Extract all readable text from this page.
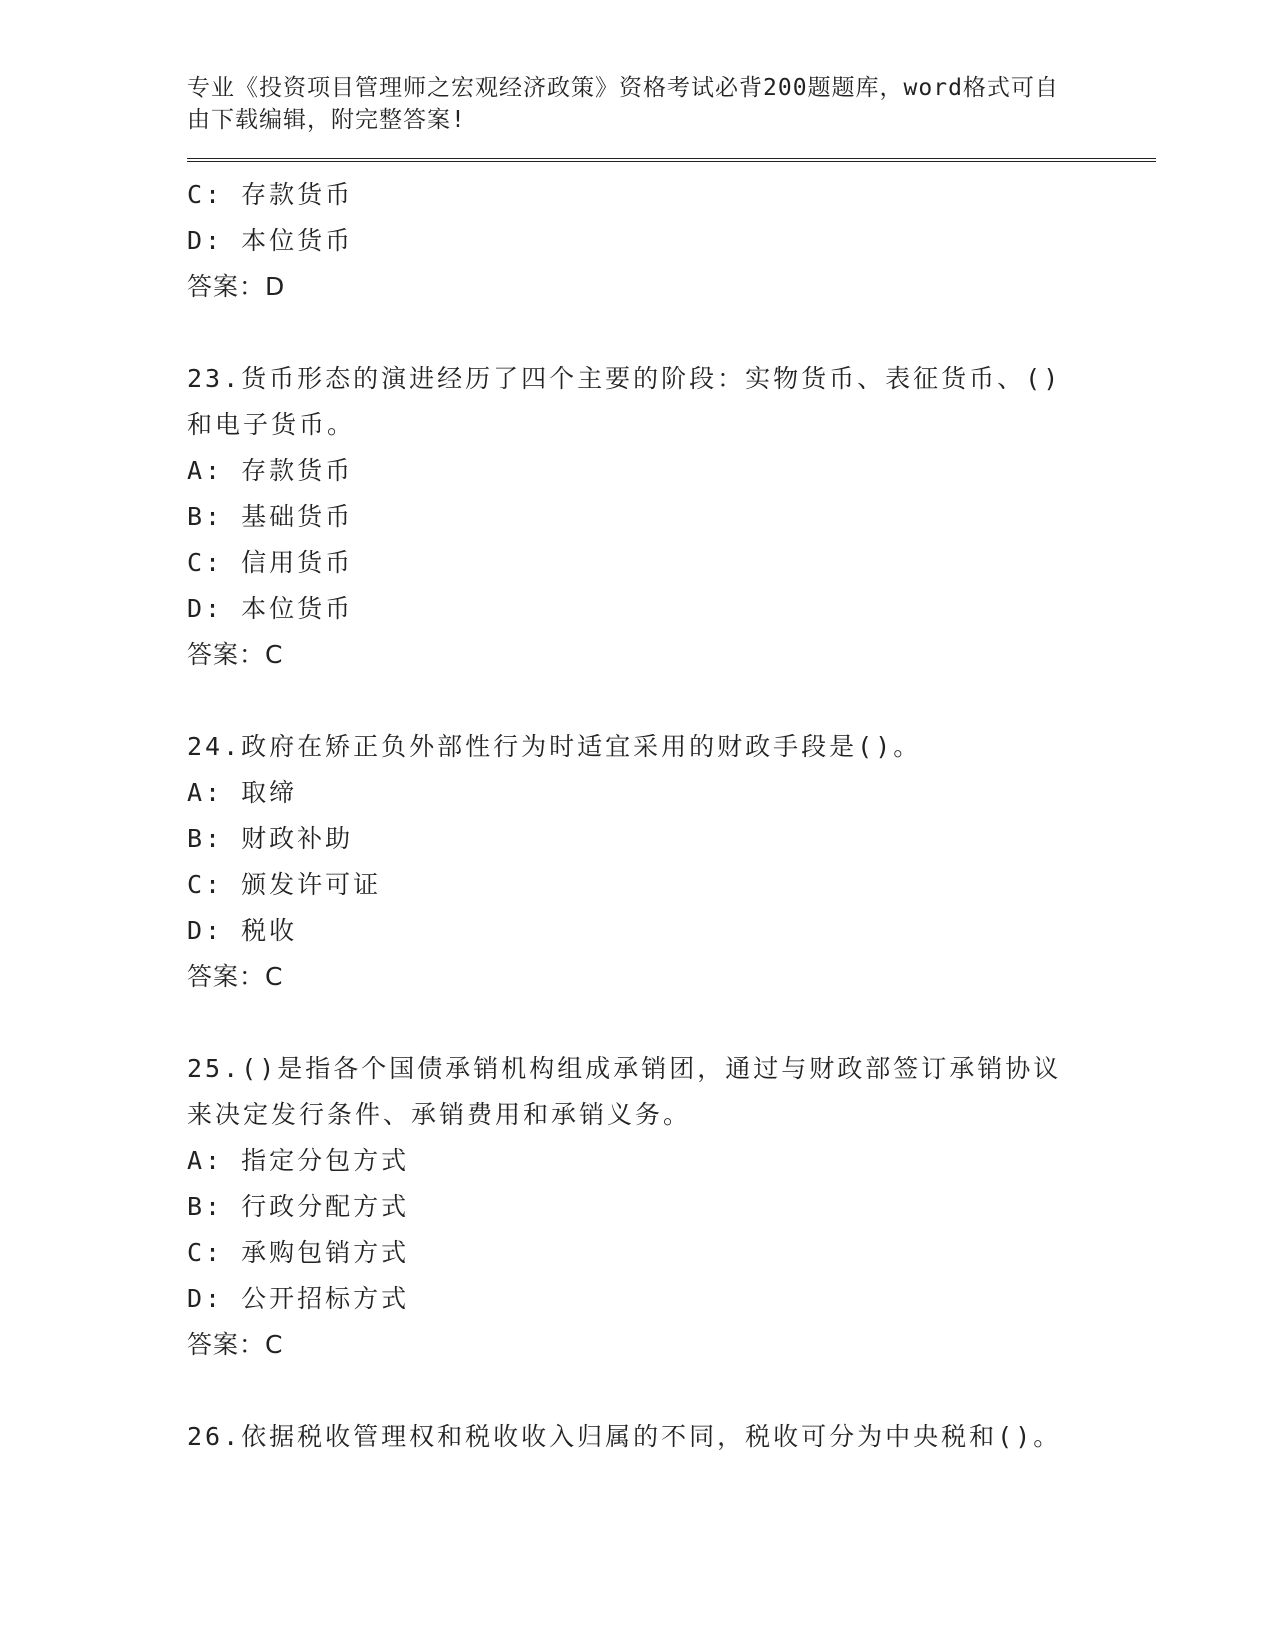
专业《投资项目管理师之宏观经济政策》资格考试必背200题题库，word格式可自由下载编辑，附完整答案!
C: 存款货币
D: 本位货币
答案：D
23.货币形态的演进经历了四个主要的阶段：实物货币、表征货币、()和电子货币。
A: 存款货币
B: 基础货币
C: 信用货币
D: 本位货币
答案：C
24.政府在矫正负外部性行为时适宜采用的财政手段是()。
A: 取缔
B: 财政补助
C: 颁发许可证
D: 税收
答案：C
25.()是指各个国债承销机构组成承销团，通过与财政部签订承销协议来决定发行条件、承销费用和承销义务。
A: 指定分包方式
B: 行政分配方式
C: 承购包销方式
D: 公开招标方式
答案：C
26.依据税收管理权和税收收入归属的不同，税收可分为中央税和()。
